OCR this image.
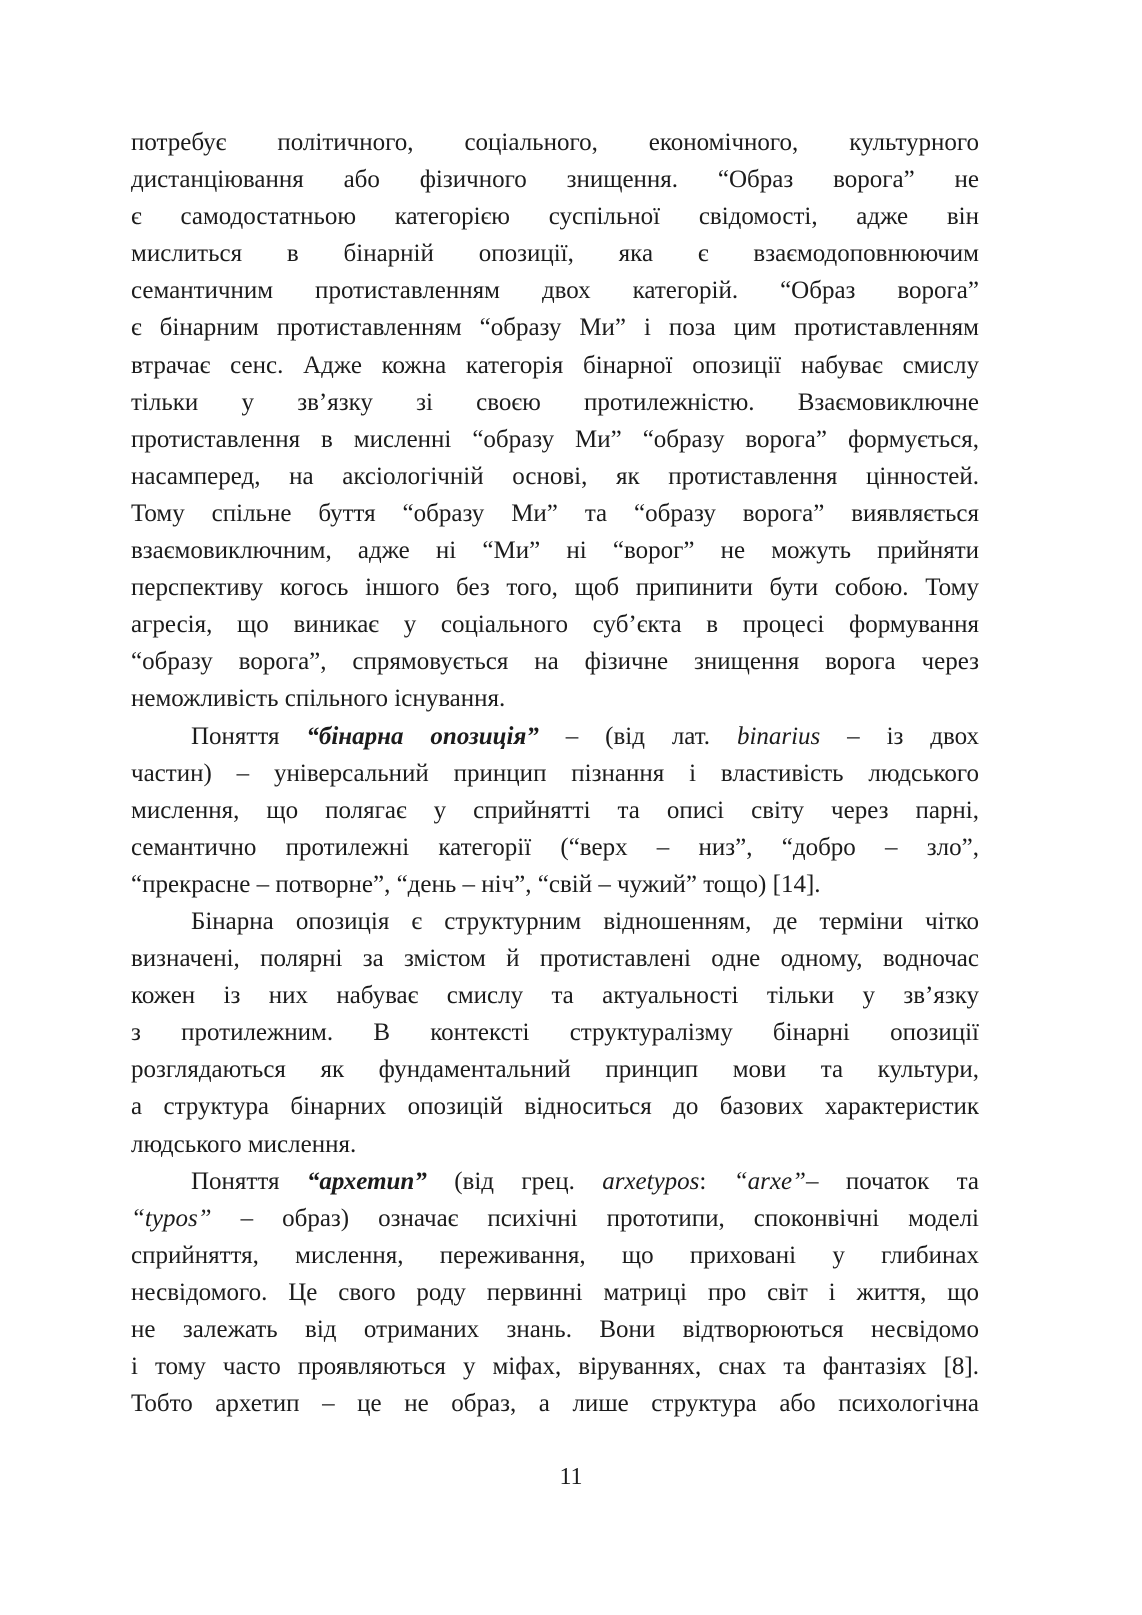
потребує політичного, соціального, економічного, культурного
дистанціювання або фізичного знищення. “Образ ворога” не
є самодостатньою категорією суспільної свідомості, адже він
мислиться в бінарній опозиції, яка є взаємодоповнюючим
семантичним протиставленням двох категорій. “Образ ворога”
є бінарним протиставленням “образу Ми” і поза цим протиставленням
втрачає сенс. Адже кожна категорія бінарної опозиції набуває смислу
тільки у зв’язку зі своєю протилежністю. Взаємовиключне
протиставлення в мисленні “образу Ми” “образу ворога” формується,
насамперед, на аксіологічній основі, як протиставлення цінностей.
Тому спільне буття “образу Ми” та “образу ворога” виявляється
взаємовиключним, адже ні “Ми” ні “ворог” не можуть прийняти
перспективу когось іншого без того, щоб припинити бути собою. Тому
агресія, що виникає у соціального суб’єкта в процесі формування
“образу ворога”, спрямовується на фізичне знищення ворога через
неможливість спільного існування.
Поняття “бінарна опозиція” – (від лат. binarius – із двох
частин) – універсальний принцип пізнання і властивість людського
мислення, що полягає у сприйнятті та описі світу через парні,
семантично протилежні категорії (“верх – низ”, “добро – зло”,
“прекрасне – потворне”, “день – ніч”, “свій – чужий” тощо) [14].
Бінарна опозиція є структурним відношенням, де терміни чітко
визначені, полярні за змістом й протиставлені одне одному, водночас
кожен із них набуває смислу та актуальності тільки у зв’язку
з протилежним. В контексті структуралізму бінарні опозиції
розглядаються як фундаментальний принцип мови та культури,
а структура бінарних опозицій відноситься до базових характеристик
людського мислення.
Поняття “архетип” (від грец. arxetypos: “arxe”– початок та
“typos” – образ) означає психічні прототипи, споконвічні моделі
сприйняття, мислення, переживання, що приховані у глибинах
несвідомого. Це свого роду первинні матриці про світ і життя, що
не залежать від отриманих знань. Вони відтворюються несвідомо
і тому часто проявляються у міфах, віруваннях, снах та фантазіях [8].
Тобто архетип – це не образ, а лише структура або психологічна
11
